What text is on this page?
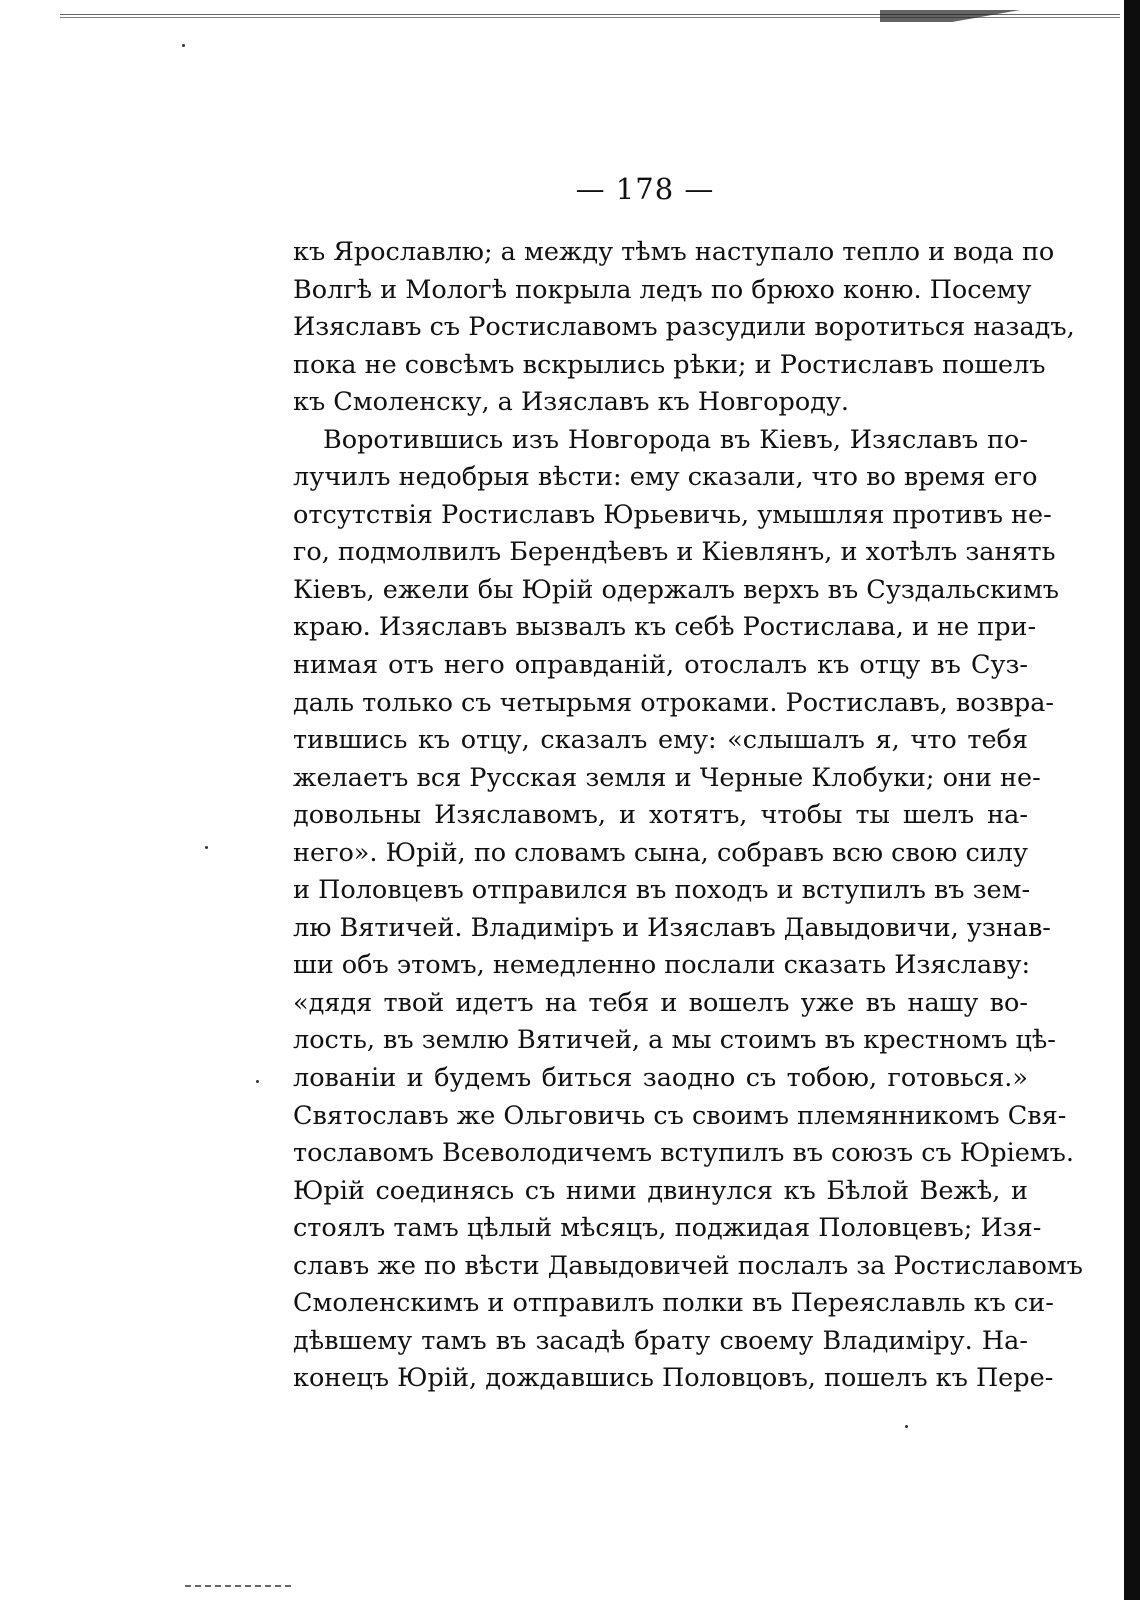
— 178 —
къ Ярославлю; а между тѣмъ наступало тепло и вода по
Волгѣ и Мологѣ покрыла ледъ по брюхо коню. Посему
Изяславъ съ Ростиславомъ разсудили воротиться назадъ,
пока не совсѣмъ вскрылись рѣки; и Ростиславъ пошелъ
къ Смоленску, а Изяславъ къ Новгороду.
Воротившись изъ Новгорода въ Кіевъ, Изяславъ по-
лучилъ недобрыя вѣсти: ему сказали, что во время его
отсутствія Ростиславъ Юрьевичь, умышляя противъ не-
го, подмолвилъ Берендѣевъ и Кіевлянъ, и хотѣлъ занять
Кіевъ, ежели бы Юрій одержалъ верхъ въ Суздальскимъ
краю. Изяславъ вызвалъ къ себѣ Ростислава, и не при-
нимая отъ него оправданій, отослалъ къ отцу въ Суз-
даль только съ четырьмя отроками. Ростиславъ, возвра-
тившись къ отцу, сказалъ ему: «слышалъ я, что тебя
желаетъ вся Русская земля и Черные Клобуки; они не-
довольны Изяславомъ, и хотятъ, чтобы ты шелъ на-
него». Юрій, по словамъ сына, собравъ всю свою силу
и Половцевъ отправился въ походъ и вступилъ въ зем-
лю Вятичей. Владиміръ и Изяславъ Давыдовичи, узнав-
ши объ этомъ, немедленно послали сказать Изяславу:
«дядя твой идетъ на тебя и вошелъ уже въ нашу во-
лость, въ землю Вятичей, а мы стоимъ въ крестномъ цѣ-
лованіи и будемъ биться заодно съ тобою, готовься.»
Святославъ же Ольговичь съ своимъ племянникомъ Свя-
тославомъ Всеволодичемъ вступилъ въ союзъ съ Юріемъ.
Юрій соединясь съ ними двинулся къ Бѣлой Вежѣ, и
стоялъ тамъ цѣлый мѣсяцъ, поджидая Половцевъ; Изя-
славъ же по вѣсти Давыдовичей послалъ за Ростиславомъ
Смоленскимъ и отправилъ полки въ Переяславль къ си-
дѣвшему тамъ въ засадѣ брату своему Владиміру. На-
конецъ Юрій, дождавшись Половцовъ, пошелъ къ Пере-
